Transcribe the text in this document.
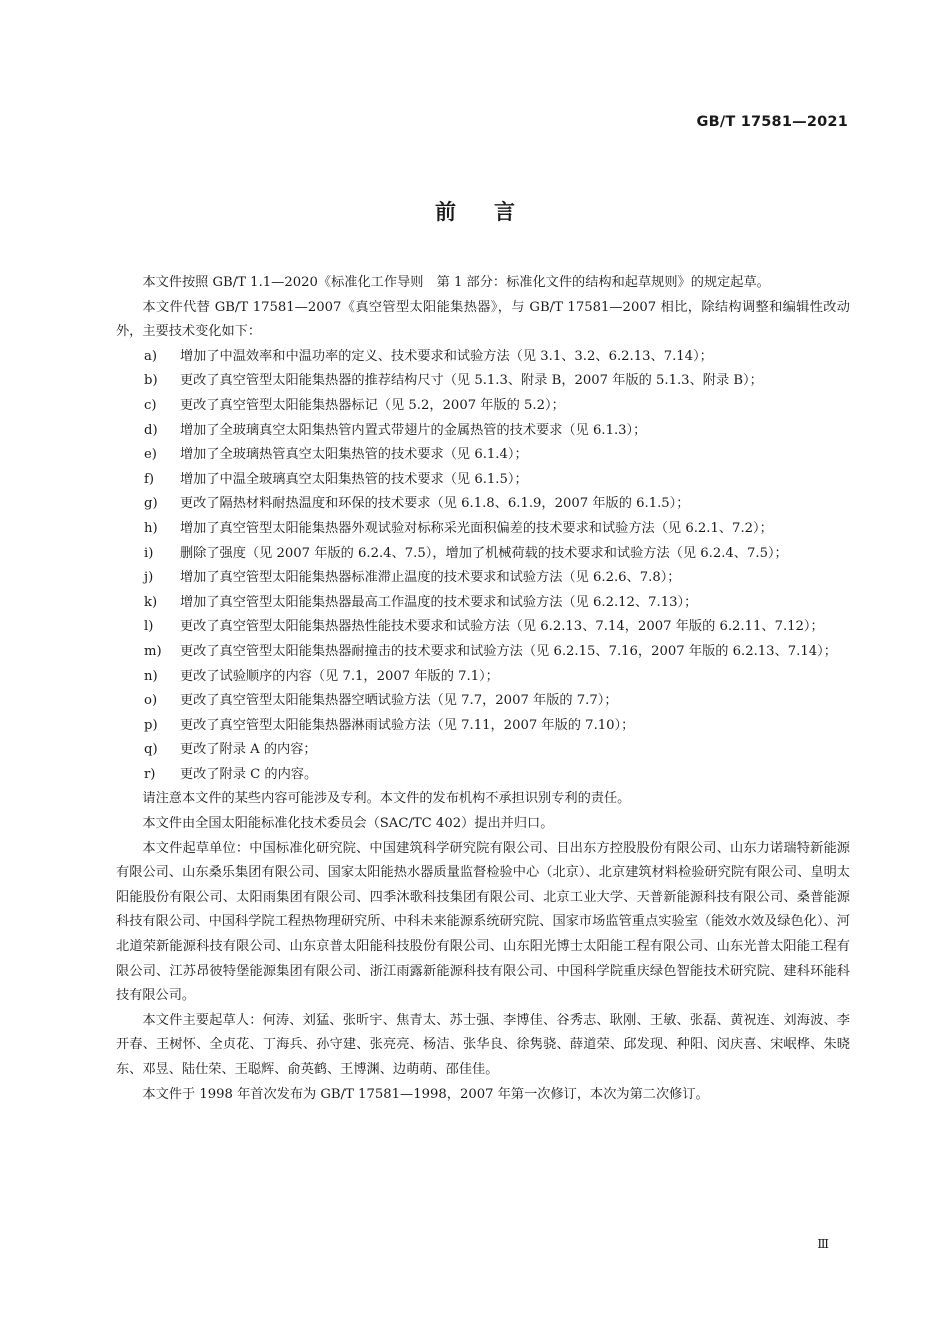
GB/T 17581—2021
前言

本文件按照 GB/T 1.1—2020《标准化工作导则　第 1 部分：标准化文件的结构和起草规则》的规定起草。

本文件代替 GB/T 17581—2007《真空管型太阳能集热器》，与 GB/T 17581—2007 相比，除结构调整和编辑性改动外，主要技术变化如下：

a)	增加了中温效率和中温功率的定义、技术要求和试验方法（见 3.1、3.2、6.2.13、7.14）；
b)	更改了真空管型太阳能集热器的推荐结构尺寸（见 5.1.3、附录 B，2007 年版的 5.1.3、附录 B）；
c)	更改了真空管型太阳能集热器标记（见 5.2，2007 年版的 5.2）；
d)	增加了全玻璃真空太阳集热管内置式带翅片的金属热管的技术要求（见 6.1.3）；
e)	增加了全玻璃热管真空太阳集热管的技术要求（见 6.1.4）；
f)	增加了中温全玻璃真空太阳集热管的技术要求（见 6.1.5）；
g)	更改了隔热材料耐热温度和环保的技术要求（见 6.1.8、6.1.9，2007 年版的 6.1.5）；
h)	增加了真空管型太阳能集热器外观试验对标称采光面积偏差的技术要求和试验方法（见 6.2.1、7.2）；
i)	删除了强度（见 2007 年版的 6.2.4、7.5），增加了机械荷载的技术要求和试验方法（见 6.2.4、7.5）；
j)	增加了真空管型太阳能集热器标准滞止温度的技术要求和试验方法（见 6.2.6、7.8）；
k)	增加了真空管型太阳能集热器最高工作温度的技术要求和试验方法（见 6.2.12、7.13）；
l)	更改了真空管型太阳能集热器热性能技术要求和试验方法（见 6.2.13、7.14，2007 年版的 6.2.11、7.12）；
m)	更改了真空管型太阳能集热器耐撞击的技术要求和试验方法（见 6.2.15、7.16，2007 年版的 6.2.13、7.14）；
n)	更改了试验顺序的内容（见 7.1，2007 年版的 7.1）；
o)	更改了真空管型太阳能集热器空晒试验方法（见 7.7，2007 年版的 7.7）；
p)	更改了真空管型太阳能集热器淋雨试验方法（见 7.11，2007 年版的 7.10）；
q)	更改了附录 A 的内容；
r)	更改了附录 C 的内容。

请注意本文件的某些内容可能涉及专利。本文件的发布机构不承担识别专利的责任。

本文件由全国太阳能标准化技术委员会（SAC/TC 402）提出并归口。

本文件起草单位：中国标准化研究院、中国建筑科学研究院有限公司、日出东方控股股份有限公司、山东力诺瑞特新能源有限公司、山东桑乐集团有限公司、国家太阳能热水器质量监督检验中心（北京）、北京建筑材料检验研究院有限公司、皇明太阳能股份有限公司、太阳雨集团有限公司、四季沐歌科技集团有限公司、北京工业大学、天普新能源科技有限公司、桑普能源科技有限公司、中国科学院工程热物理研究所、中科未来能源系统研究院、国家市场监管重点实验室（能效水效及绿色化）、河北道荣新能源科技有限公司、山东京普太阳能科技股份有限公司、山东阳光博士太阳能工程有限公司、山东光普太阳能工程有限公司、江苏昂彼特堡能源集团有限公司、浙江雨露新能源科技有限公司、中国科学院重庆绿色智能技术研究院、建科环能科技有限公司。

本文件主要起草人：何涛、刘猛、张昕宇、焦青太、苏士强、李博佳、谷秀志、耿刚、王敏、张磊、黄祝连、刘海波、李开春、王树怀、全贞花、丁海兵、孙守建、张亮亮、杨洁、张华良、徐隽骁、薛道荣、邱发现、种阳、闵庆喜、宋岷桦、朱晓东、邓昱、陆仕荣、王聪辉、俞英鹤、王博渊、边萌萌、邵佳佳。

本文件于 1998 年首次发布为 GB/T 17581—1998，2007 年第一次修订，本次为第二次修订。

Ⅲ
